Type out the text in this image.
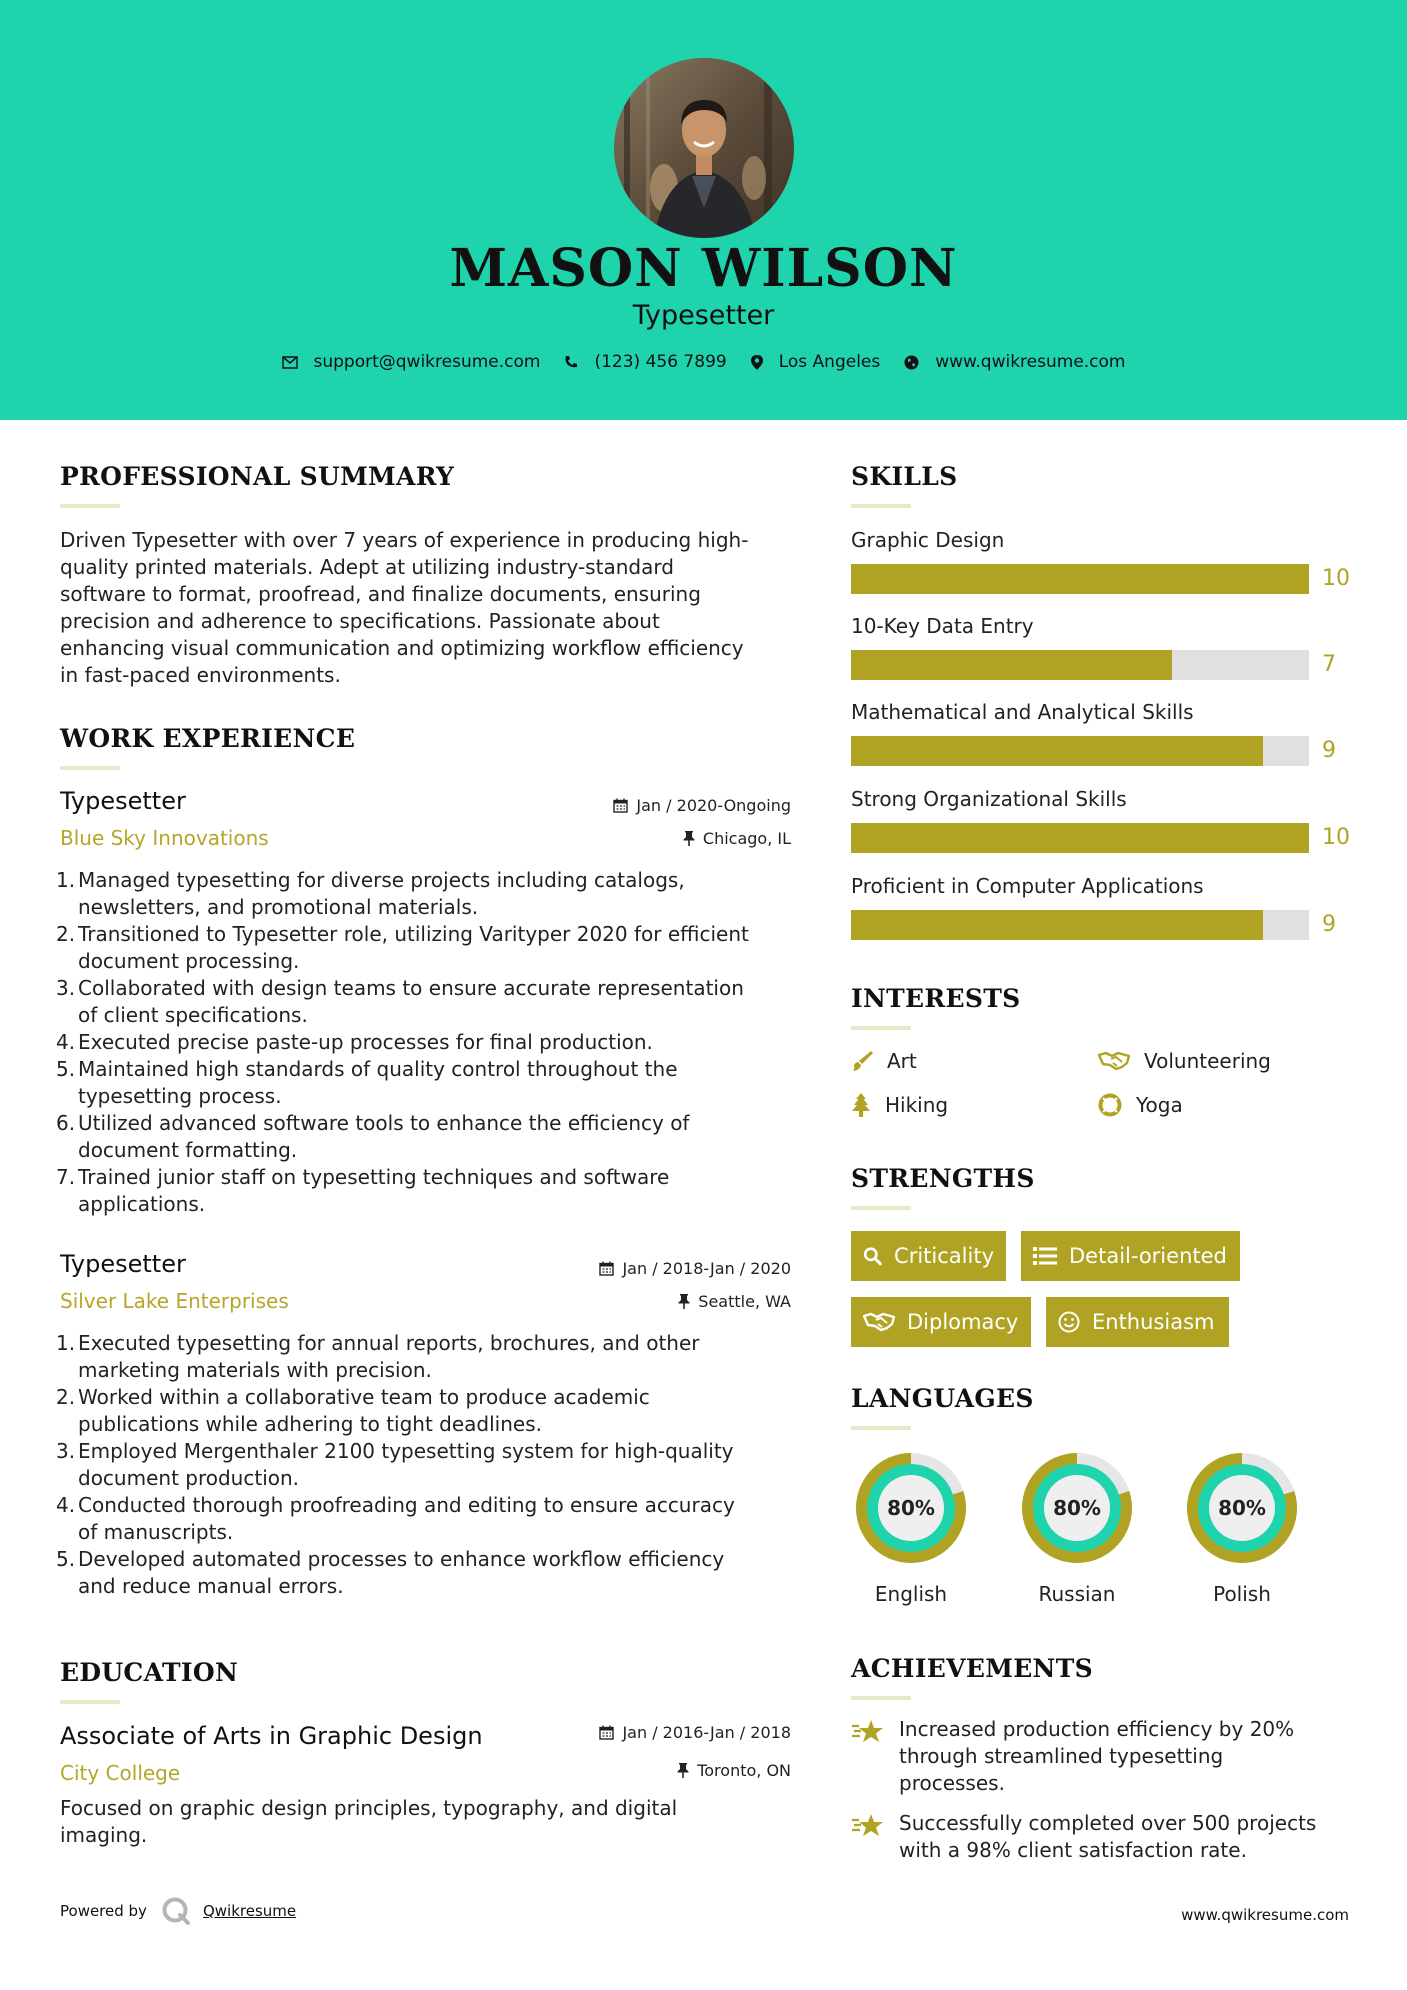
MASON WILSON
Typesetter
support@qwikresume.com	(123) 456 7899	Los Angeles	www.qwikresume.com
PROFESSIONAL SUMMARY
Driven Typesetter with over 7 years of experience in producing high-
quality printed materials. Adept at utilizing industry-standard
software to format, proofread, and finalize documents, ensuring
precision and adherence to specifications. Passionate about
enhancing visual communication and optimizing workflow efficiency
in fast-paced environments.
WORK EXPERIENCE
Typesetter	Jan / 2020-Ongoing
Blue Sky Innovations	Chicago, IL
1. Managed typesetting for diverse projects including catalogs,
newsletters, and promotional materials.
2. Transitioned to Typesetter role, utilizing Varityper 2020 for efficient
document processing.
3. Collaborated with design teams to ensure accurate representation
of client specifications.
4. Executed precise paste-up processes for final production.
5. Maintained high standards of quality control throughout the
typesetting process.
6. Utilized advanced software tools to enhance the efficiency of
document formatting.
7. Trained junior staff on typesetting techniques and software
applications.
Typesetter	Jan / 2018-Jan / 2020
Silver Lake Enterprises	Seattle, WA
1. Executed typesetting for annual reports, brochures, and other
marketing materials with precision.
2. Worked within a collaborative team to produce academic
publications while adhering to tight deadlines.
3. Employed Mergenthaler 2100 typesetting system for high-quality
document production.
4. Conducted thorough proofreading and editing to ensure accuracy
of manuscripts.
5. Developed automated processes to enhance workflow efficiency
and reduce manual errors.
EDUCATION
Associate of Arts in Graphic Design	Jan / 2016-Jan / 2018
City College	Toronto, ON
Focused on graphic design principles, typography, and digital
imaging.
SKILLS
Graphic Design
10
10-Key Data Entry
7
Mathematical and Analytical Skills
9
Strong Organizational Skills
10
Proficient in Computer Applications
9
INTERESTS
Art	Volunteering
Hiking	Yoga
STRENGTHS
Criticality	Detail-oriented
Diplomacy	Enthusiasm
LANGUAGES
80%
English
80%
Russian
80%
Polish
ACHIEVEMENTS
Increased production efficiency by 20%
through streamlined typesetting
processes.
Successfully completed over 500 projects
with a 98% client satisfaction rate.
Powered by	Qwikresume	www.qwikresume.com
